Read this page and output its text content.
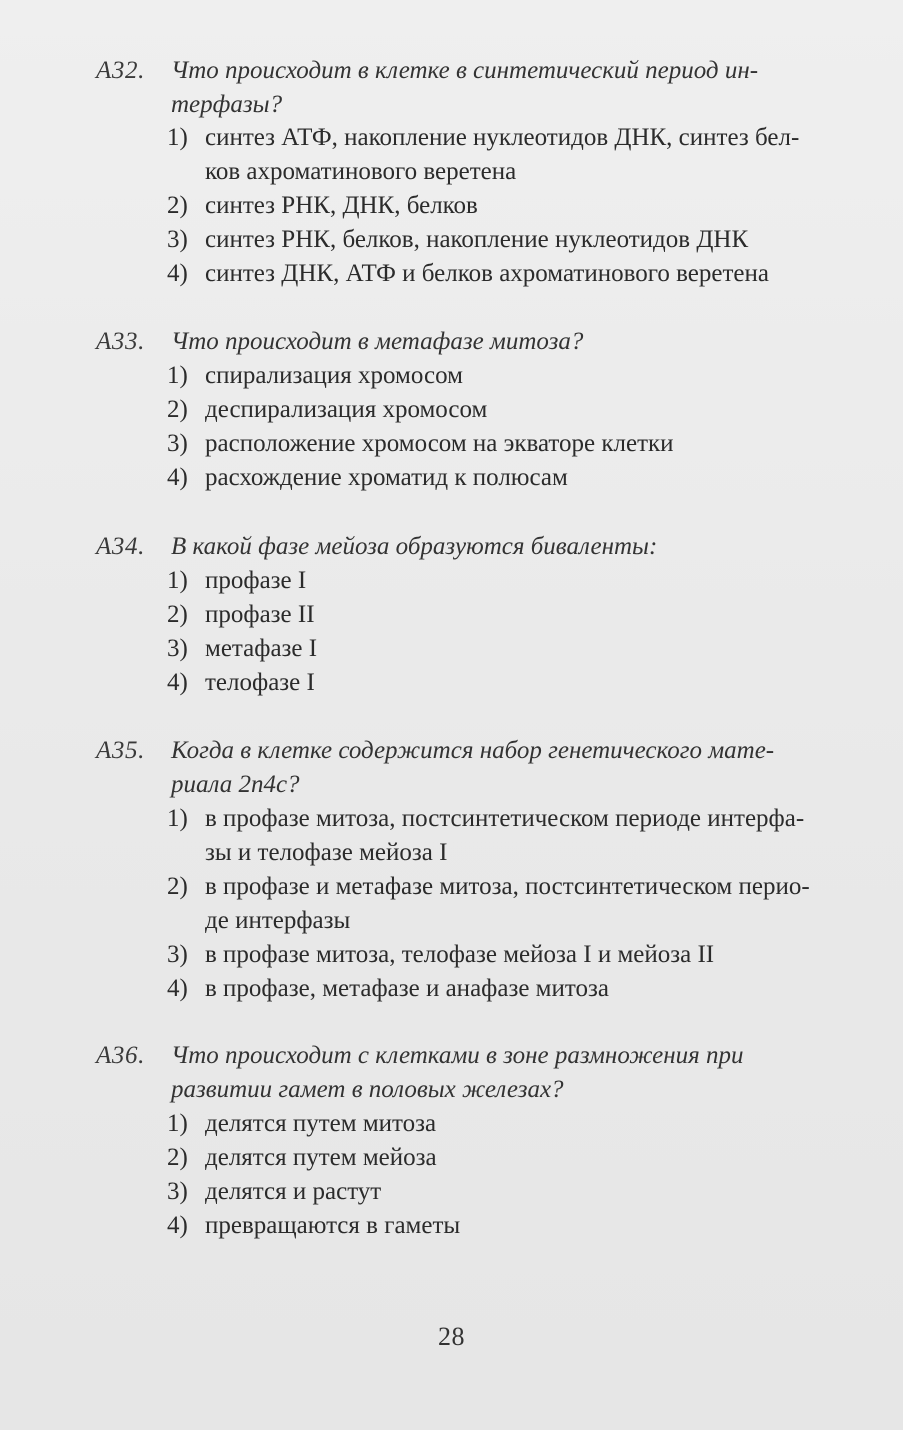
A32.	Что происходит в клетке в синтетический период ин-
терфазы?
1) синтез АТФ, накопление нуклеотидов ДНК, синтез бел-
ков ахроматинового веретена
2) синтез РНК, ДНК, белков
3) синтез РНК, белков, накопление нуклеотидов ДНК
4) синтез ДНК, АТФ и белков ахроматинового веретена
A33.	Что происходит в метафазе митоза?
1) спирализация хромосом
2) деспирализация хромосом
3) расположение хромосом на экваторе клетки
4) расхождение хроматид к полюсам
A34.	В какой фазе мейоза образуются биваленты:
1) профазе I
2) профазе II
3) метафазе I
4) телофазе I
A35.	Когда в клетке содержится набор генетического мате-
риала 2n4c?
1) в профазе митоза, постсинтетическом периоде интерфа-
зы и телофазе мейоза I
2) в профазе и метафазе митоза, постсинтетическом перио-
де интерфазы
3) в профазе митоза, телофазе мейоза I и мейоза II
4) в профазе, метафазе и анафазе митоза
A36.	Что происходит с клетками в зоне размножения при
развитии гамет в половых железах?
1) делятся путем митоза
2) делятся путем мейоза
3) делятся и растут
4) превращаются в гаметы
28
